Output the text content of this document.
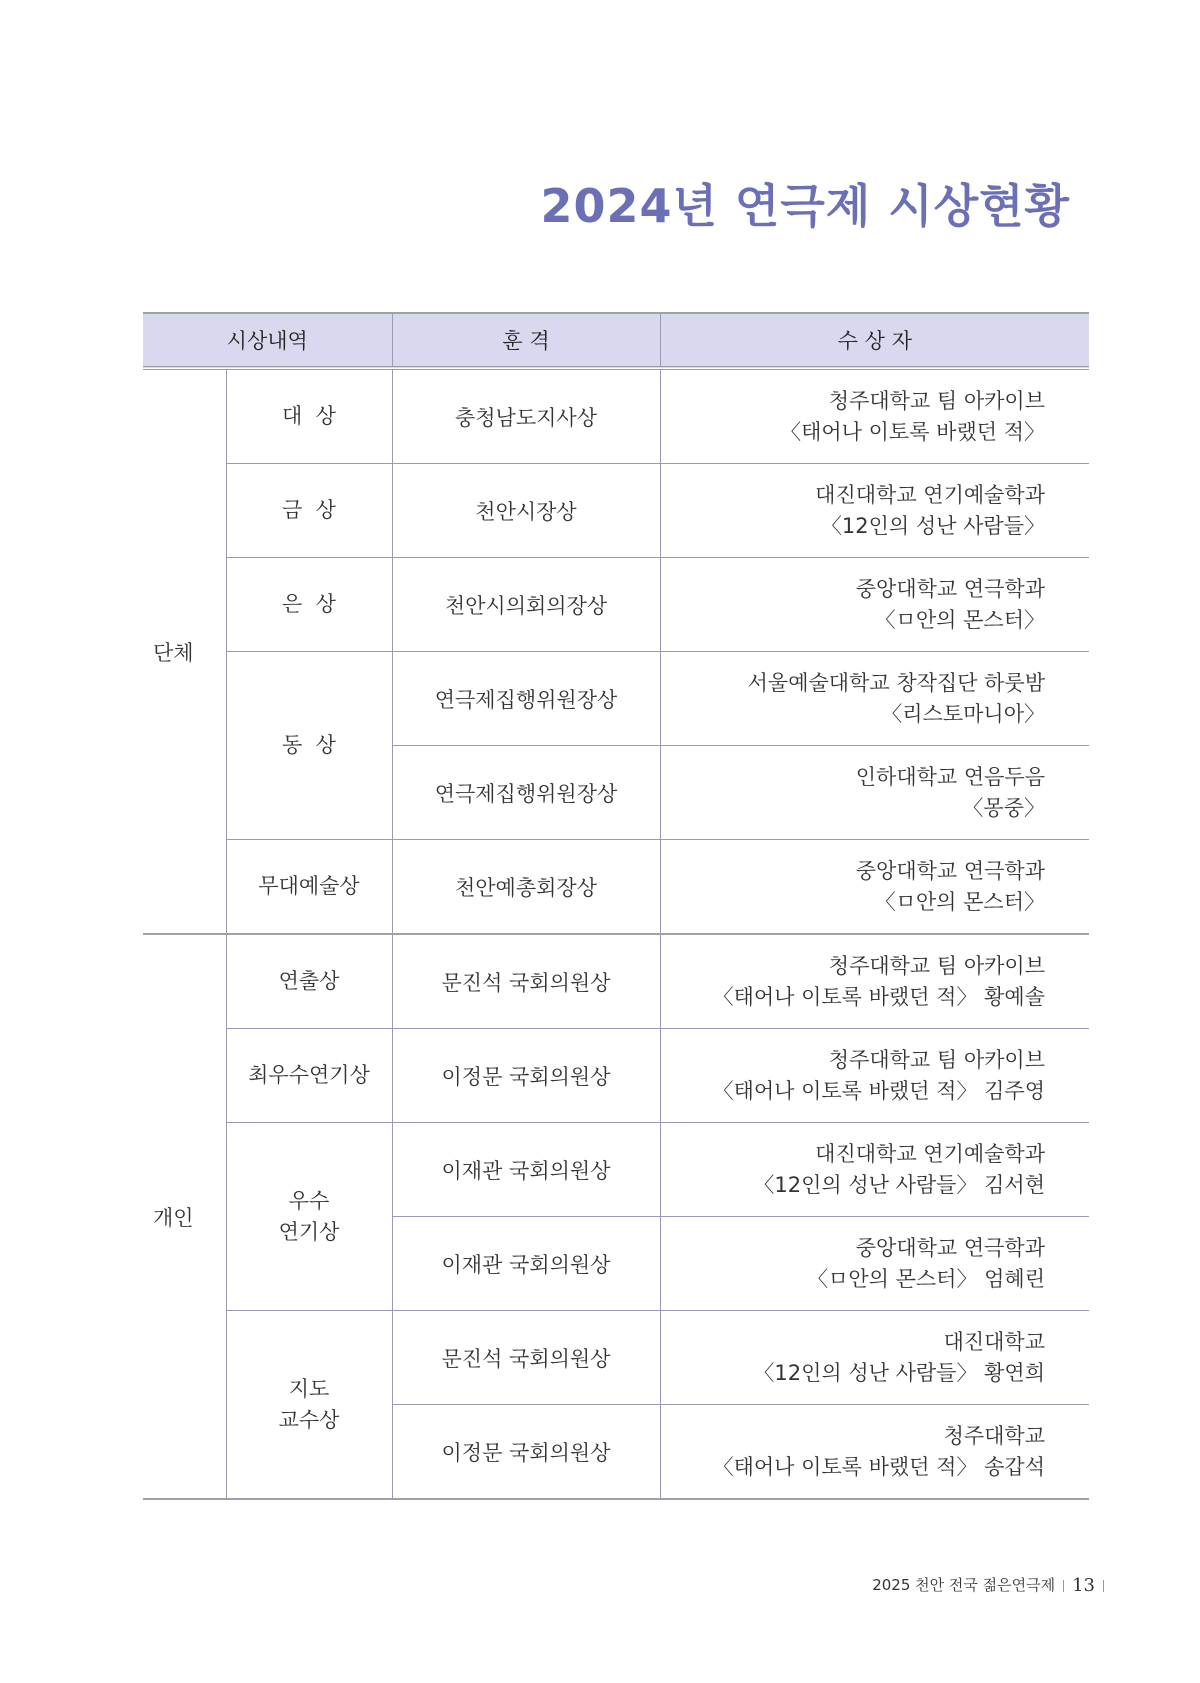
2024년 연극제 시상현황
시상내역		훈 격	수 상 자
단체	대  상	충청남도지사상	청주대학교 팀 아카이브
〈태어나 이토록 바랬던 적〉

	금  상	천안시장상	대진대학교 연기예술학과
〈12인의 성난 사람들〉

	은  상	천안시의회의장상	중앙대학교 연극학과
〈ㅁ안의 몬스터〉

	동  상	연극제집행위원장상	서울예술대학교 창작집단 하룻밤
〈리스토마니아〉

		연극제집행위원장상	인하대학교 연음두음
〈몽중〉

	무대예술상	천안예총회장상	중앙대학교 연극학과
〈ㅁ안의 몬스터〉

개인	연출상	문진석 국회의원상	청주대학교 팀 아카이브
〈태어나 이토록 바랬던 적〉 황예솔

	최우수연기상	이정문 국회의원상	청주대학교 팀 아카이브
〈태어나 이토록 바랬던 적〉 김주영

	우수
연기상	이재관 국회의원상	대진대학교 연기예술학과
〈12인의 성난 사람들〉 김서현

		이재관 국회의원상	중앙대학교 연극학과
〈ㅁ안의 몬스터〉 엄혜린

	지도
교수상	문진석 국회의원상	대진대학교
〈12인의 성난 사람들〉 황연희

		이정문 국회의원상	청주대학교
〈태어나 이토록 바랬던 적〉 송갑석
2025 천안 전국 젊은연극제 13
